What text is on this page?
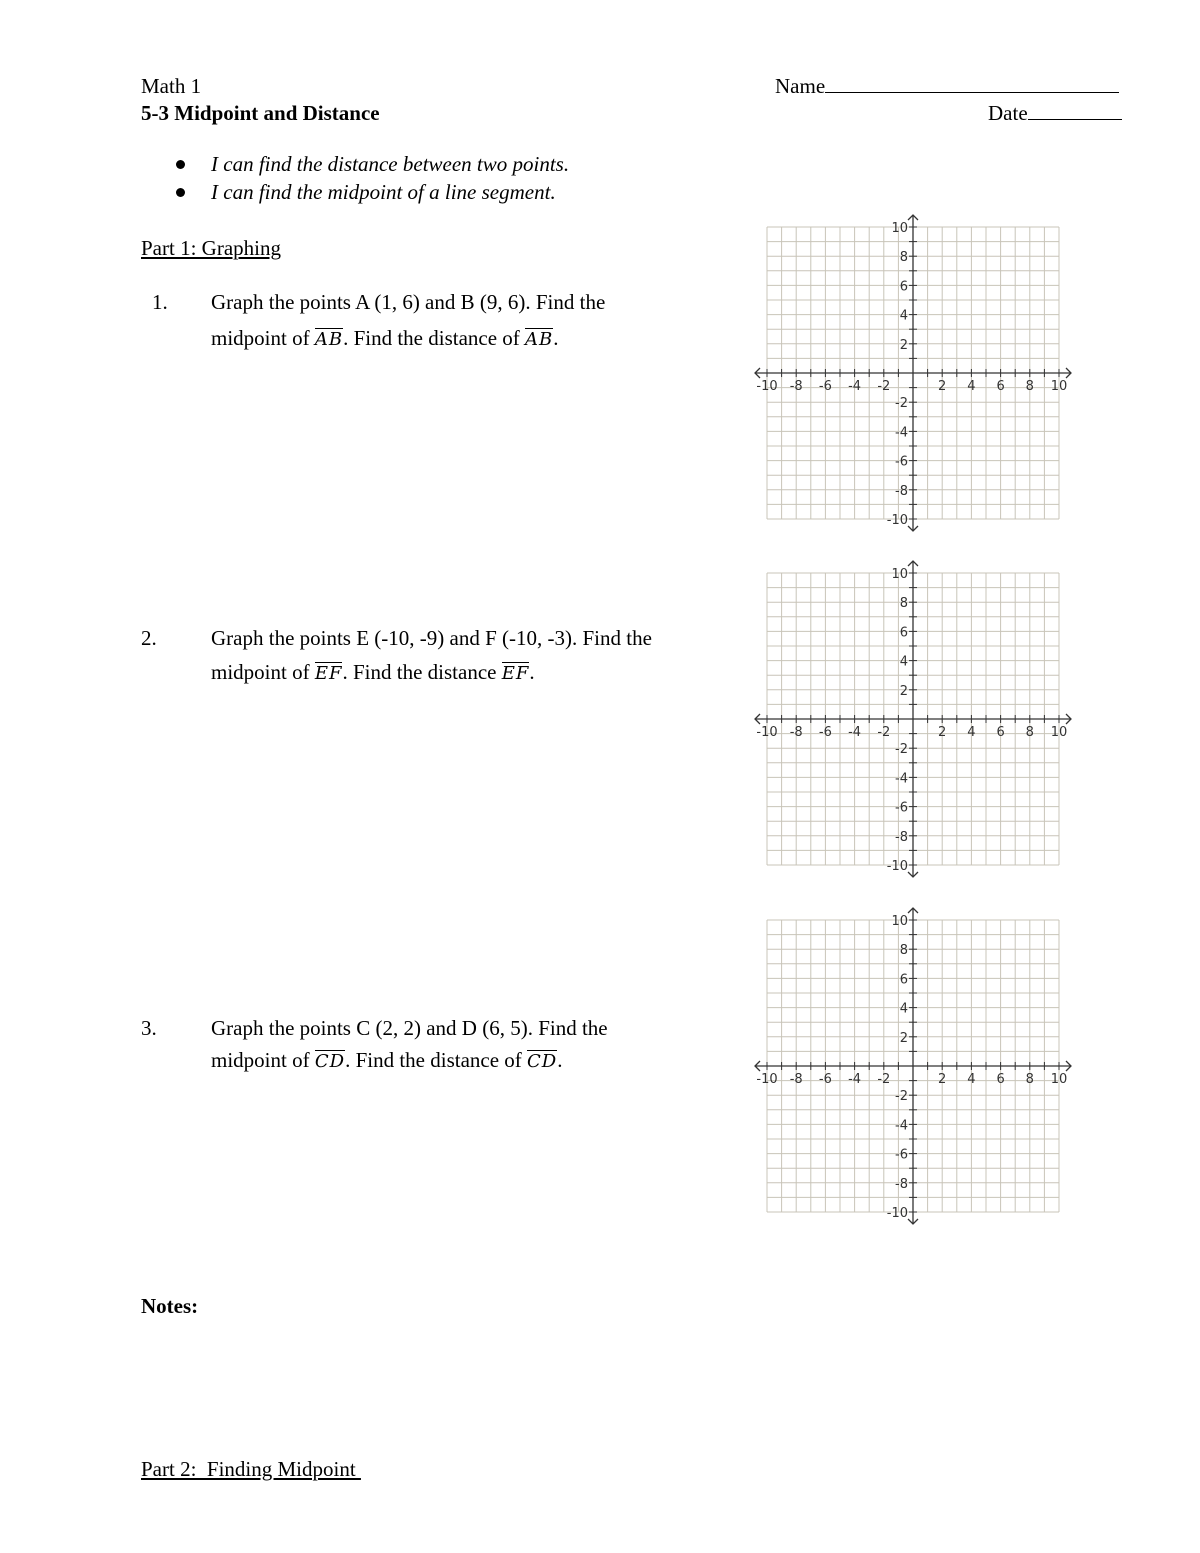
Math 1
5-3 Midpoint and Distance
Name
Date
I can find the distance between two points.
I can find the midpoint of a line segment.
Part 1: Graphing
1. Graph the points A (1, 6) and B (9, 6). Find the
midpoint of AB. Find the distance of AB.
2.	Graph the points E (-10, -9) and F (-10, -3). Find the
midpoint of EF. Find the distance EF.
3.	Graph the points C (2, 2) and D (6, 5). Find the
midpoint of CD. Find the distance of CD.
-10 -8 -6 -4 -2	2 4 6 8 10
10
8
6
4
2
-2
-4
-6
-8
-10
-10 -8 -6 -4 -2	2 4 6 8 10
10
8
6
4
2
-2
-4
-6
-8
-10
-10 -8 -6 -4 -2	2 4 6 8 10
10
8
6
4
2
-2
-4
-6
-8
-10
Notes:
Part 2:  Finding Midpoint
